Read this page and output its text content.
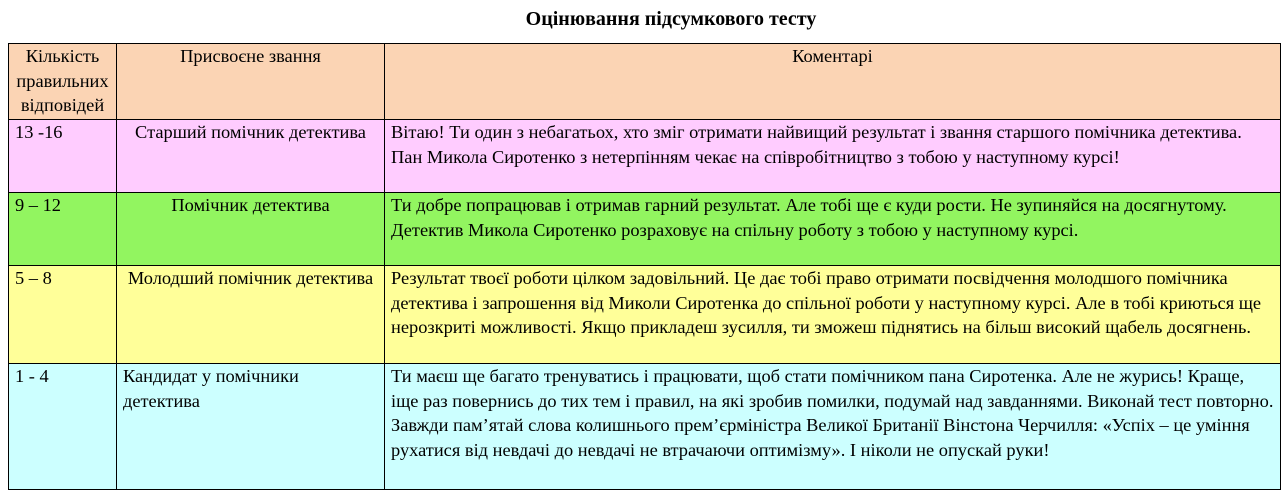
Оцінювання підсумкового тесту
Кількість правильних відповідей	Присвоєне звання	Коментарі
13 -16	Старший помічник детектива	Вітаю! Ти один з небагатьох, хто зміг отримати найвищий результат і звання старшого помічника детектива. Пан Микола Сиротенко з нетерпінням чекає на співробітництво з тобою у наступному курсі!
9 – 12	Помічник детектива	Ти добре попрацював і отримав гарний результат. Але тобі ще є куди рости. Не зупиняйся на досягнутому. Детектив Микола Сиротенко розраховує на спільну роботу з тобою у наступному курсі.
5 – 8	Молодший помічник детектива	Результат твоєї роботи цілком задовільний. Це дає тобі право отримати посвідчення молодшого помічника детектива і запрошення від Миколи Сиротенка до спільної роботи у наступному курсі. Але в тобі криються ще нерозкриті можливості. Якщо прикладеш зусилля, ти зможеш піднятись на більш високий щабель досягнень.
1 - 4	Кандидат у помічники детектива	Ти маєш ще багато тренуватись і працювати, щоб стати помічником пана Сиротенка. Але не журись! Краще, іще раз повернись до тих тем і правил, на які зробив помилки, подумай над завданнями. Виконай тест повторно. Завжди пам’ятай слова колишнього прем’єрміністра Великої Британії Вінстона Черчилля: «Успіх – це уміння рухатися від невдачі до невдачі не втрачаючи оптимізму». І ніколи не опускай руки!
